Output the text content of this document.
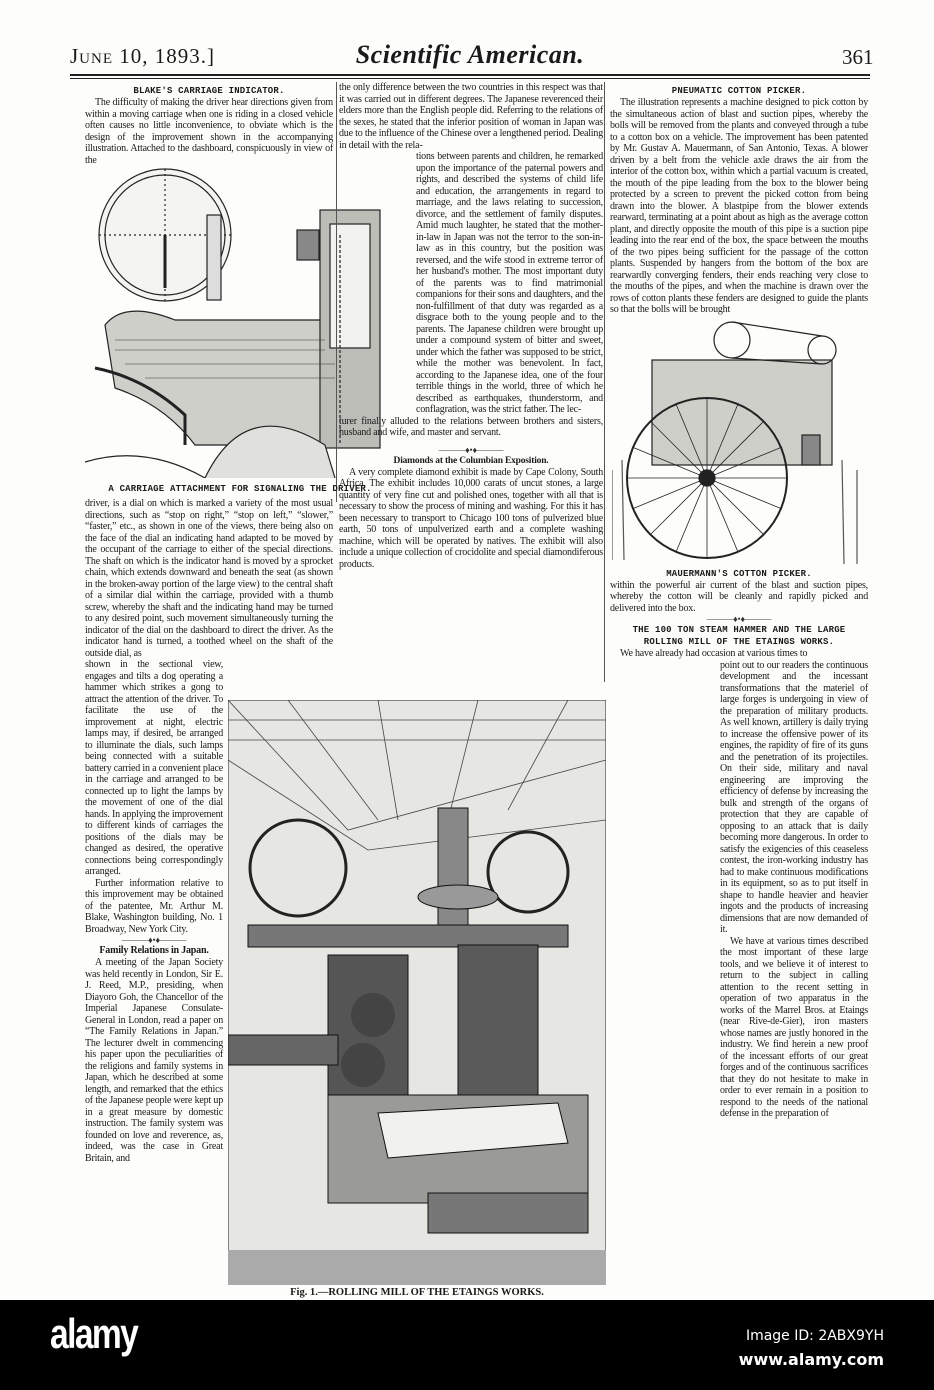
June 10, 1893.]	Scientific American.	361
BLAKE'S CARRIAGE INDICATOR.

The difficulty of making the driver hear directions given from within a moving carriage when one is riding in a closed vehicle often causes no little inconvenience, to obviate which is the design of the improvement shown in the accompanying illustration. Attached to the dashboard, conspicuously in view of the

A CARRIAGE ATTACHMENT FOR SIGNALING THE DRIVER.

driver, is a dial on which is marked a variety of the most usual directions, such as “stop on right,” “stop on left,” “slower,” “faster,” etc., as shown in one of the views, there being also on the face of the dial an indicating hand adapted to be moved by the occupant of the carriage to either of the special directions. The shaft on which is the indicator hand is moved by a sprocket chain, which extends downward and beneath the seat (as shown in the broken-away portion of the large view) to the central shaft of a similar dial within the carriage, provided with a thumb screw, whereby the shaft and the indicating hand may be turned to any desired point, such movement simultaneously turning the indicator of the dial on the dashboard to direct the driver. As the indicator hand is turned, a toothed wheel on the shaft of the outside dial, as

shown in the sectional view, engages and tilts a dog operating a hammer which strikes a gong to attract the attention of the driver. To facilitate the use of the improvement at night, electric lamps may, if desired, be arranged to illuminate the dials, such lamps being connected with a suitable battery carried in a convenient place in the carriage and arranged to be connected up to light the lamps by the movement of one of the dial hands. In applying the improvement to different kinds of carriages the positions of the dials may be changed as desired, the operative connections being correspondingly arranged.

Further information relative to this improvement may be obtained of the patentee, Mr. Arthur M. Blake, Washington building, No. 1 Broadway, New York City.

———♦•♦———
Family Relations in Japan.

A meeting of the Japan Society was held recently in London, Sir E. J. Reed, M.P., presiding, when Diayoro Goh, the Chancellor of the Imperial Japanese Consulate-General in London, read a paper on “The Family Relations in Japan.” The lecturer dwelt in commencing his paper upon the peculiarities of the religions and family systems in Japan, which he described at some length, and remarked that the ethics of the Japanese people were kept up in a great measure by domestic instruction. The family system was founded on love and reverence, as, indeed, was the case in Great Britain, and

the only difference between the two countries in this respect was that it was carried out in different degrees. The Japanese reverenced their elders more than the English people did. Referring to the relations of the sexes, he stated that the inferior position of woman in Japan was due to the influence of the Chinese over a lengthened period. Dealing in detail with the rela-

tions between parents and children, he remarked upon the importance of the paternal powers and rights, and described the systems of child life and education, the arrangements in regard to marriage, and the laws relating to succession, divorce, and the settlement of family disputes. Amid much laughter, he stated that the mother-in-law in Japan was not the terror to the son-in-law as in this country, but the position was reversed, and the wife stood in extreme terror of her husband's mother. The most important duty of the parents was to find matrimonial companions for their sons and daughters, and the non-fulfillment of that duty was regarded as a disgrace both to the young people and to the parents. The Japanese children were brought up under a compound system of bitter and sweet, under which the father was supposed to be strict, while the mother was benevolent. In fact, according to the Japanese idea, one of the four terrible things in the world, three of which he described as earthquakes, thunderstorm, and conflagration, was the strict father. The lec-

turer finally alluded to the relations between brothers and sisters, husband and wife, and master and servant.

———♦•♦———
Diamonds at the Columbian Exposition.

A very complete diamond exhibit is made by Cape Colony, South Africa. The exhibit includes 10,000 carats of uncut stones, a large quantity of very fine cut and polished ones, together with all that is necessary to show the process of mining and washing. For this it has been necessary to transport to Chicago 100 tons of pulverized blue earth, 50 tons of unpulverized earth and a complete washing machine, which will be operated by natives. The exhibit will also include a unique collection of crocidolite and special diamondiferous products.

Fig. 1.—ROLLING MILL OF THE ETAINGS WORKS.
PNEUMATIC COTTON PICKER.

The illustration represents a machine designed to pick cotton by the simultaneous action of blast and suction pipes, whereby the bolls will be removed from the plants and conveyed through a tube to a cotton box on a vehicle. The improvement has been patented by Mr. Gustav A. Mauermann, of San Antonio, Texas. A blower driven by a belt from the vehicle axle draws the air from the interior of the cotton box, within which a partial vacuum is created, the mouth of the pipe leading from the box to the blower being protected by a screen to prevent the picked cotton from being drawn into the blower. A blastpipe from the blower extends rearward, terminating at a point about as high as the average cotton plant, and directly opposite the mouth of this pipe is a suction pipe leading into the rear end of the box, the space between the mouths of the two pipes being sufficient for the passage of the cotton plants. Suspended by hangers from the bottom of the box are rearwardly converging fenders, their ends reaching very close to the mouths of the pipes, and when the machine is drawn over the rows of cotton plants these fenders are designed to guide the plants so that the bolls will be brought

MAUERMANN'S COTTON PICKER.

within the powerful air current of the blast and suction pipes, whereby the cotton will be cleanly and rapidly picked and delivered into the box.

———♦•♦———
THE 100 TON STEAM HAMMER AND THE LARGE
ROLLING MILL OF THE ETAINGS WORKS.

We have already had occasion at various times to

point out to our readers the continuous development and the incessant transformations that the materiel of large forges is undergoing in view of the preparation of military products. As well known, artillery is daily trying to increase the offensive power of its engines, the rapidity of fire of its guns and the penetration of its projectiles. On their side, military and naval engineering are improving the efficiency of defense by increasing the bulk and strength of the organs of protection that they are capable of opposing to an attack that is daily becoming more dangerous. In order to satisfy the exigencies of this ceaseless contest, the iron-working industry has had to make continuous modifications in its equipment, so as to put itself in shape to handle heavier and heavier ingots and the products of increasing dimensions that are now demanded of it.

We have at various times described the most important of these large tools, and we believe it of interest to return to the subject in calling attention to the recent setting in operation of two apparatus in the works of the Marrel Bros. at Etaings (near Rive-de-Gier), iron masters whose names are justly honored in the industry. We find herein a new proof of the incessant efforts of our great forges and of the continuous sacrifices that they do not hesitate to make in order to ever remain in a position to respond to the needs of the national defense in the preparation of

alamy	Image ID: 2ABX9YH
www.alamy.com
